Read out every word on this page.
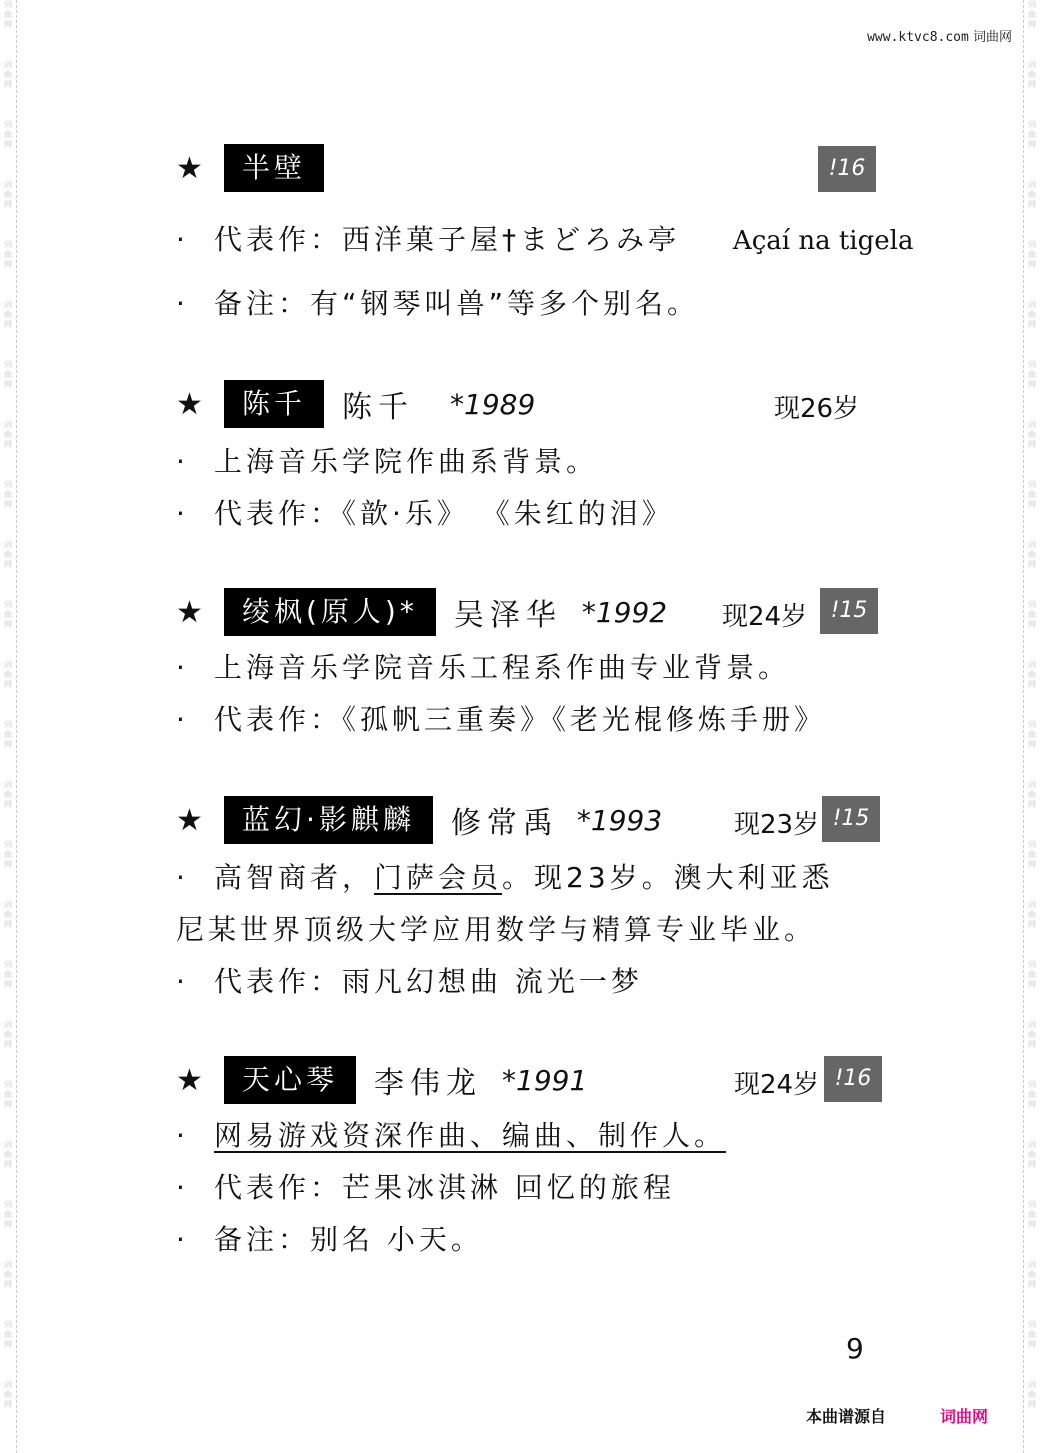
词曲网
词曲网
词曲网
词曲网
词曲网
词曲网
词曲网
词曲网
词曲网
词曲网
词曲网
词曲网
词曲网
词曲网
词曲网
词曲网
词曲网
词曲网
词曲网
词曲网
词曲网
词曲网
词曲网
词曲网
词曲网
词曲网
词曲网
词曲网
词曲网
词曲网
词曲网
词曲网
词曲网
词曲网
词曲网
词曲网
词曲网
词曲网
词曲网
词曲网
词曲网
词曲网
词曲网
词曲网
词曲网
词曲网
词曲网
词曲网
www.ktvc8.com 词曲网
★	半壁	!16
· 代表作：西洋菓子屋†まどろみ亭 Açaí na tigela
· 备注：有“钢琴叫兽”等多个别名。
★	陈千	陈千 *1989	现26岁
· 上海音乐学院作曲系背景。
· 代表作：《歆·乐》 《朱红的泪》
★	绫枫(原人)*	吴泽华 *1992 现24岁	!15
· 上海音乐学院音乐工程系作曲专业背景。
· 代表作：《孤帆三重奏》《老光棍修炼手册》
★	蓝幻·影麒麟	修常禹 *1993	现23岁 !15
· 高智商者，门萨会员。现23岁。澳大利亚悉
尼某世界顶级大学应用数学与精算专业毕业。
· 代表作：雨凡幻想曲 流光一梦
★	天心琴	李伟龙 *1991	现24岁 !16
· 网易游戏资深作曲、编曲、制作人。
· 代表作：芒果冰淇淋 回忆的旅程
· 备注：别名 小天。
9
本曲谱源自	词曲网
